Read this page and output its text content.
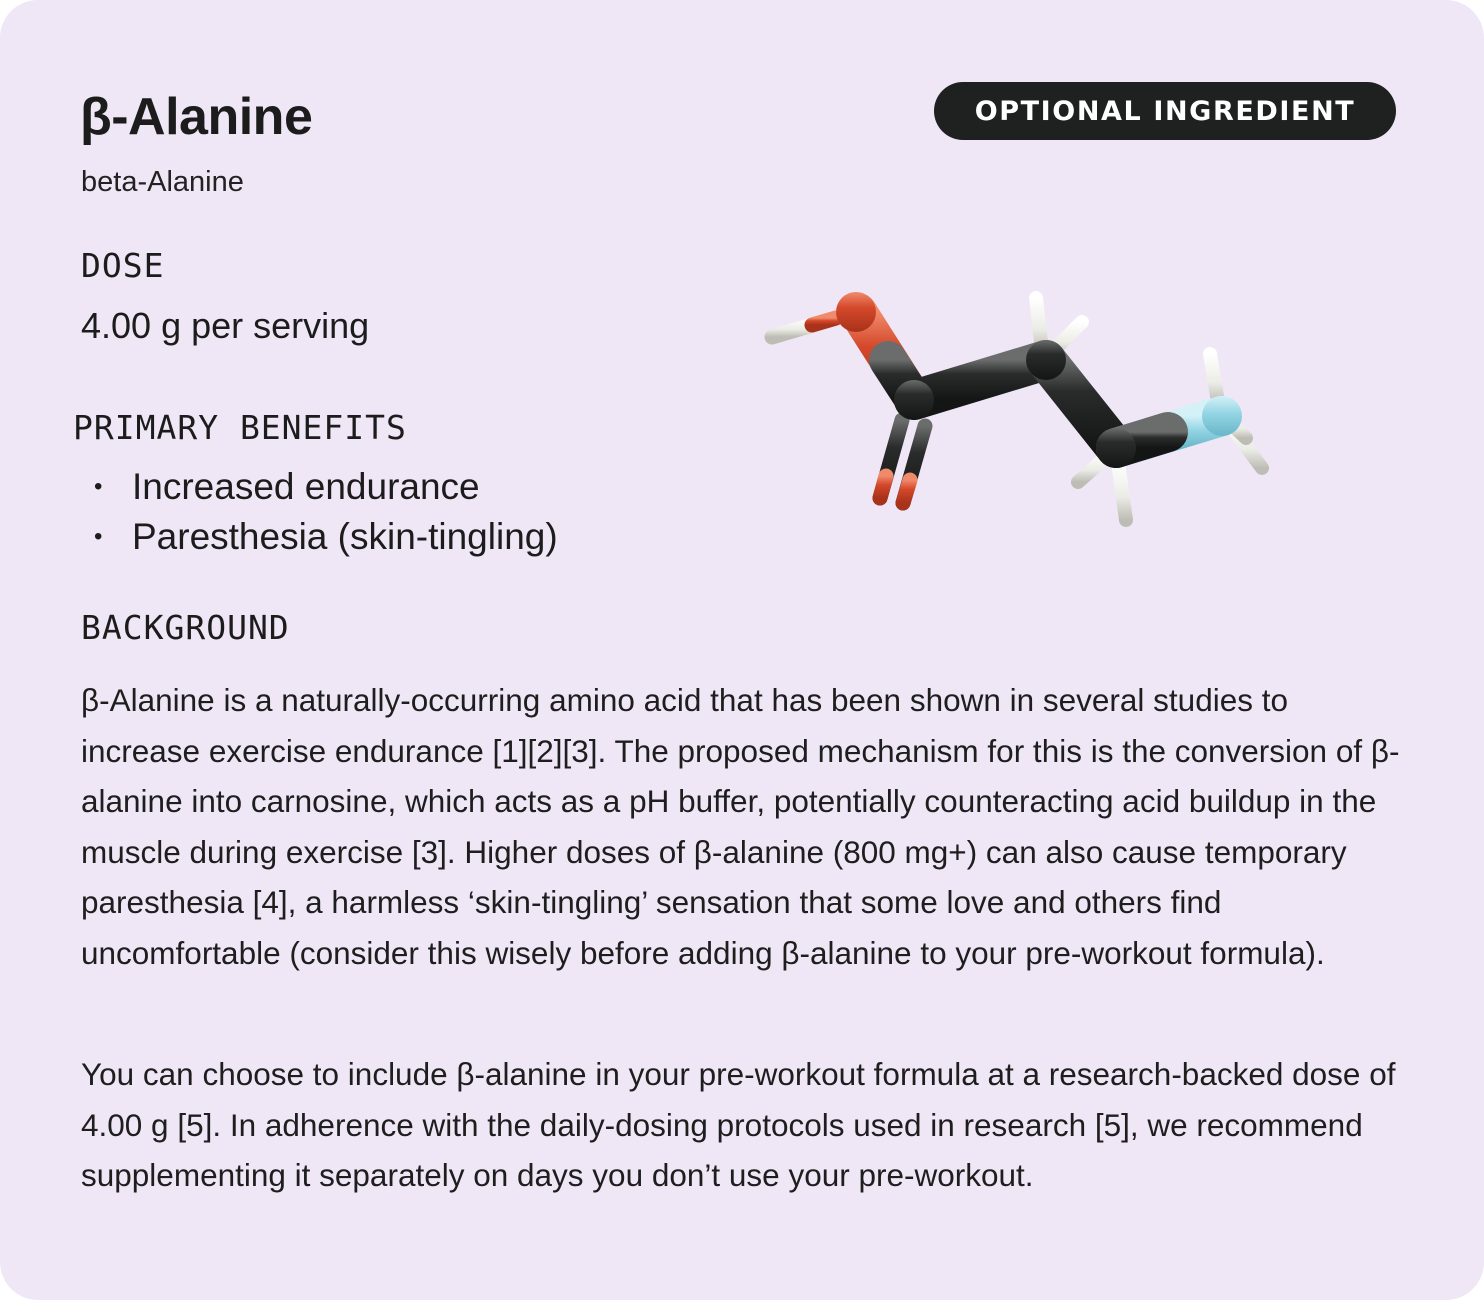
β-Alanine
beta-Alanine
OPTIONAL INGREDIENT
DOSE
4.00 g per serving
PRIMARY BENEFITS
• Increased endurance
• Paresthesia (skin-tingling)
BACKGROUND

β-Alanine is a naturally-occurring amino acid that has been shown in several studies to increase exercise endurance [1][2][3]. The proposed mechanism for this is the conversion of β-alanine into carnosine, which acts as a pH buffer, potentially counteracting acid buildup in the muscle during exercise [3]. Higher doses of β-alanine (800 mg+) can also cause temporary paresthesia [4], a harmless ‘skin-tingling’ sensation that some love and others find uncomfortable (consider this wisely before adding β-alanine to your pre-workout formula).

You can choose to include β-alanine in your pre-workout formula at a research-backed dose of 4.00 g [5]. In adherence with the daily-dosing protocols used in research [5], we recommend supplementing it separately on days you don’t use your pre-workout.
